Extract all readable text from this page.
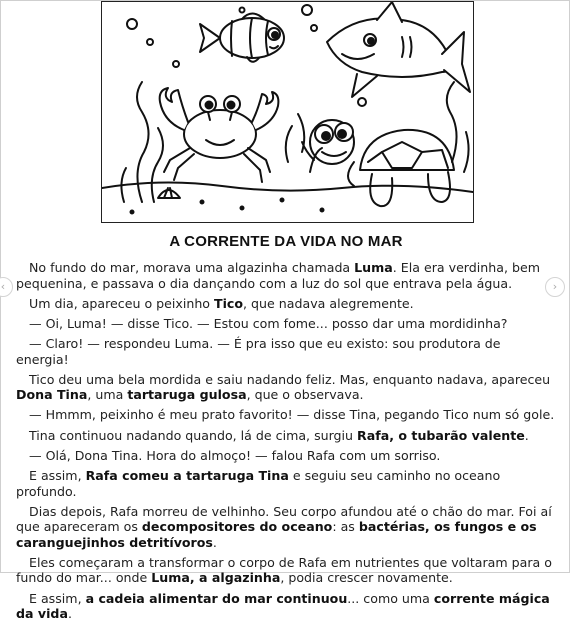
A CORRENTE DA VIDA NO MAR

No fundo do mar, morava uma algazinha chamada Luma. Ela era verdinha, bem pequenina, e passava o dia dançando com a luz do sol que entrava pela água.

Um dia, apareceu o peixinho Tico, que nadava alegremente.

— Oi, Luma! — disse Tico. — Estou com fome... posso dar uma mordidinha?

— Claro! — respondeu Luma. — É pra isso que eu existo: sou produtora de energia!

Tico deu uma bela mordida e saiu nadando feliz. Mas, enquanto nadava, apareceu Dona Tina, uma tartaruga gulosa, que o observava.

— Hmmm, peixinho é meu prato favorito! — disse Tina, pegando Tico num só gole.

Tina continuou nadando quando, lá de cima, surgiu Rafa, o tubarão valente.

— Olá, Dona Tina. Hora do almoço! — falou Rafa com um sorriso.

E assim, Rafa comeu a tartaruga Tina e seguiu seu caminho no oceano profundo.

Dias depois, Rafa morreu de velhinho. Seu corpo afundou até o chão do mar. Foi aí que apareceram os decompositores do oceano: as bactérias, os fungos e os caranguejinhos detritívoros.

Eles começaram a transformar o corpo de Rafa em nutrientes que voltaram para o fundo do mar... onde Luma, a algazinha, podia crescer novamente.

E assim, a cadeia alimentar do mar continuou... como uma corrente mágica da vida.

‹	›
